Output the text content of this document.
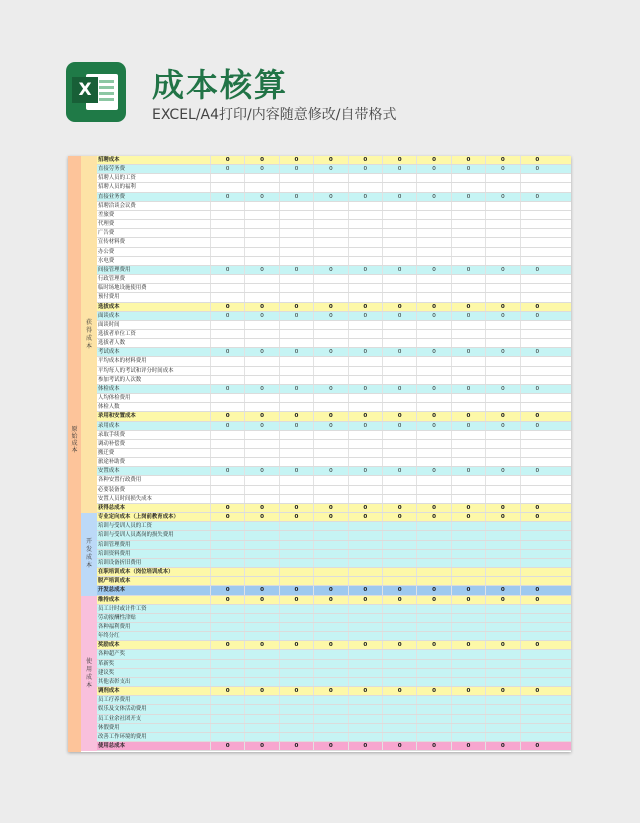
X 成本核算
EXCEL/A4打印/内容随意修改/自带格式
原
始
成
本
获
得
成
本
开
发
成
本
使
用
成
本
招聘成本	0	0	0	0	0	0	0	0	0	0
直接劳务费	0	0	0	0	0	0	0	0	0	0
招聘人员的工资
招聘人员的福利
直接业务费	0	0	0	0	0	0	0	0	0	0
招聘洽谈会议费
差旅费
代理费
广告费
宣传材料费
办公费
水电费
间接管理费用	0	0	0	0	0	0	0	0	0	0
行政管理费
临时场地设施使用费
预付费用
选拔成本	0	0	0	0	0	0	0	0	0	0
面谈成本	0	0	0	0	0	0	0	0	0	0
面谈时间
选拔者单位工资
选拔者人数
考试成本	0	0	0	0	0	0	0	0	0	0
平均成本的材料费用
平均每人的考试和评分时间成本
参加考试的人次数
体检成本	0	0	0	0	0	0	0	0	0	0
人均体检费用
体检人数
录用和安置成本	0	0	0	0	0	0	0	0	0	0
录用成本	0	0	0	0	0	0	0	0	0	0
录取手续费
调动补偿费
搬迁费
旅途补助费
安置成本	0	0	0	0	0	0	0	0	0	0
各种安置行政费用
必要装备费
安置人员时间损失成本
获得总成本	0	0	0	0	0	0	0	0	0	0
专业定向成本（上岗前教育成本）	0	0	0	0	0	0	0	0	0	0
培训与受训人员的工资
培训与受训人员离岗的损失费用
培训管理费用
培训资料费用
培训设备折旧费用
在职培训成本（岗位培训成本）
脱产培训成本
开发总成本	0	0	0	0	0	0	0	0	0	0
维持成本	0	0	0	0	0	0	0	0	0	0
员工计时或计件工资
劳动报酬性津贴
各种福利费用
年终分红
奖励成本	0	0	0	0	0	0	0	0	0	0
各种超产奖
革新奖
建议奖
其他表彰支出
调剂成本	0	0	0	0	0	0	0	0	0	0
员工疗养费用
娱乐及文体活动费用
员工业余社团开支
休假费用
改善工作环境的费用
使用总成本	0	0	0	0	0	0	0	0	0	0
